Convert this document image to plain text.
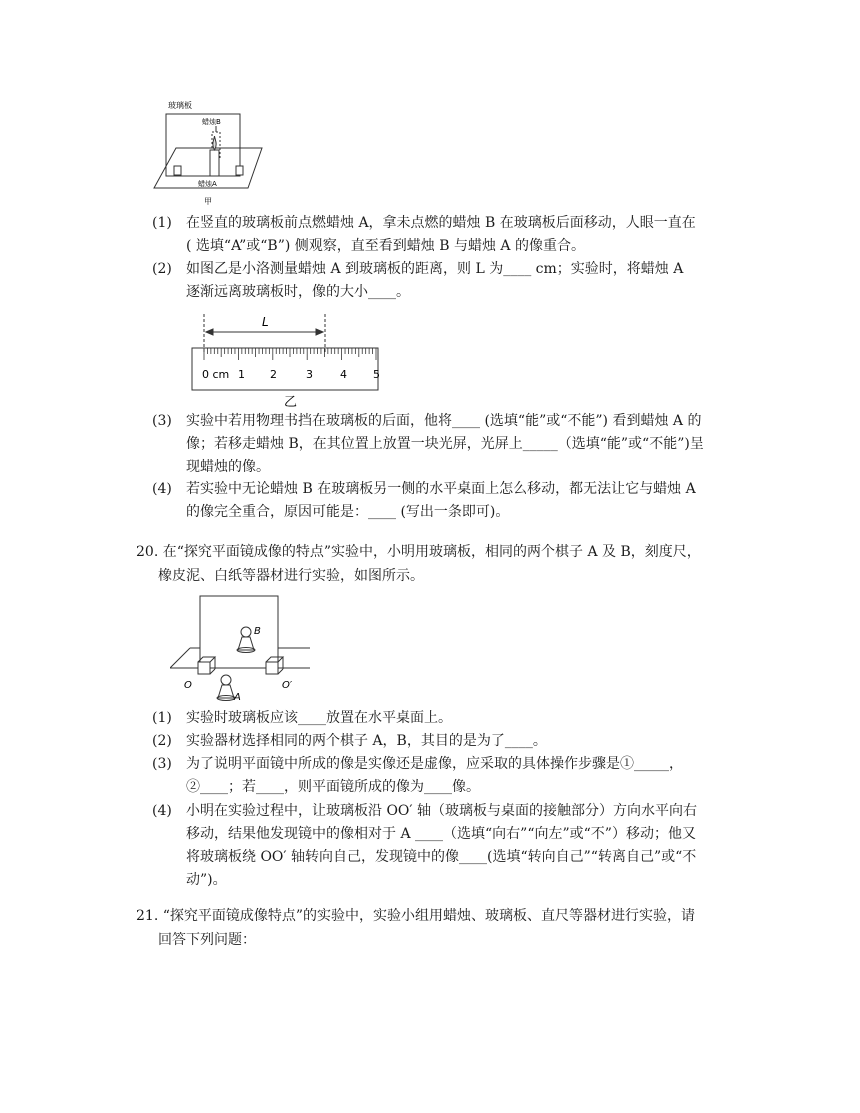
玻璃板
蜡烛B
蜡烛A
甲
(1) 在竖直的玻璃板前点燃蜡烛 A，拿未点燃的蜡烛 B 在玻璃板后面移动，人眼一直在
( 选填“A”或“B”) 侧观察，直至看到蜡烛 B 与蜡烛 A 的像重合。
(2) 如图乙是小洛测量蜡烛 A 到玻璃板的距离，则 L 为____ cm；实验时，将蜡烛 A
逐渐远离玻璃板时，像的大小____。
L
0 cm 1 2	3 4 5
乙
(3) 实验中若用物理书挡在玻璃板的后面，他将____ (选填“能”或“不能”) 看到蜡烛 A 的
像；若移走蜡烛 B，在其位置上放置一块光屏，光屏上_____（选填“能”或“不能”)呈
现蜡烛的像。
(4) 若实验中无论蜡烛 B 在玻璃板另一侧的水平桌面上怎么移动，都无法让它与蜡烛 A
的像完全重合，原因可能是：____ (写出一条即可)。
20. 在“探究平面镜成像的特点”实验中，小明用玻璃板，相同的两个棋子 A 及 B，刻度尺，
橡皮泥、白纸等器材进行实验，如图所示。
B
A
O	O′
(1) 实验时玻璃板应该____放置在水平桌面上。
(2) 实验器材选择相同的两个棋子 A，B，其目的是为了____。
(3) 为了说明平面镜中所成的像是实像还是虚像，应采取的具体操作步骤是①_____，
②____；若____，则平面镜所成的像为____像。
(4) 小明在实验过程中，让玻璃板沿 OO′ 轴（玻璃板与桌面的接触部分）方向水平向右
移动，结果他发现镜中的像相对于 A ____（选填“向右”“向左”或“不”）移动；他又
将玻璃板绕 OO′ 轴转向自己，发现镜中的像____(选填“转向自己”“转离自己”或“不
动”)。
21. “探究平面镜成像特点”的实验中，实验小组用蜡烛、玻璃板、直尺等器材进行实验，请
回答下列问题：
